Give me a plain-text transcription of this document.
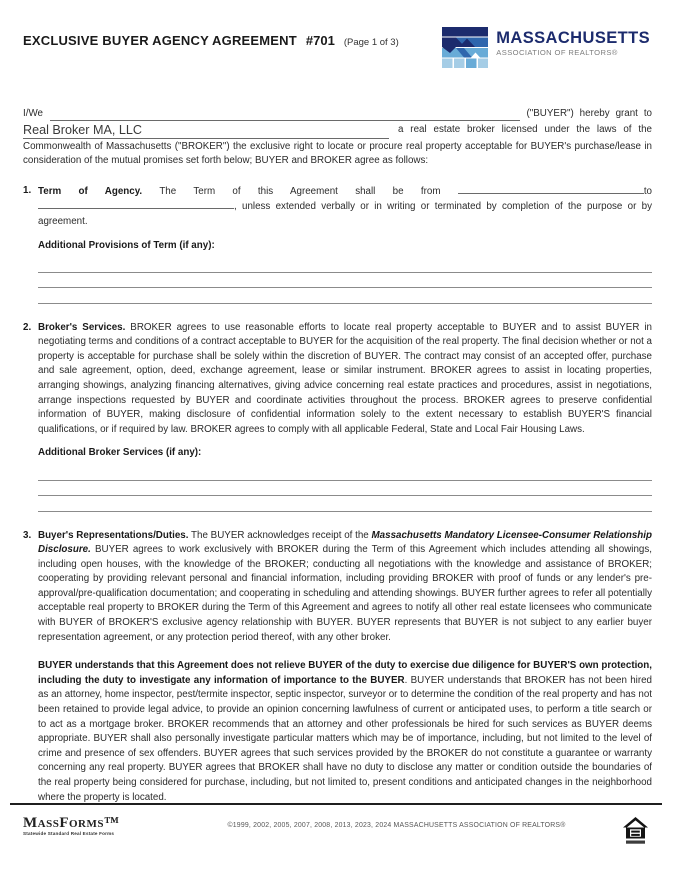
EXCLUSIVE BUYER AGENCY AGREEMENT #701 (Page 1 of 3)	MASSACHUSETTS
ASSOCIATION OF REALTORS®
I/We	("BUYER") hereby grant to
Real Broker MA, LLC	a real estate broker licensed under the laws of the
Commonwealth of Massachusetts ("BROKER") the exclusive right to locate or procure real property acceptable for BUYER's purchase/lease in consideration of the mutual promises set forth below; BUYER and BROKER agree as follows:
1. Term of Agency. The Term of this Agreement shall be from	to , unless extended verbally or in writing or terminated by completion of the purpose or by agreement.
Additional Provisions of Term (if any):
2. Broker's Services. BROKER agrees to use reasonable efforts to locate real property acceptable to BUYER and to assist BUYER in negotiating terms and conditions of a contract acceptable to BUYER for the acquisition of the real property. The final decision whether or not a property is acceptable for purchase shall be solely within the discretion of BUYER. The contract may consist of an accepted offer, purchase and sale agreement, option, deed, exchange agreement, lease or similar instrument. BROKER agrees to assist in locating properties, arranging showings, analyzing financing alternatives, giving advice concerning real estate practices and procedures, assist in negotiations, arrange inspections requested by BUYER and coordinate activities throughout the process. BROKER agrees to preserve confidential information of BUYER, making disclosure of confidential information solely to the extent necessary to establish BUYER'S financial qualifications, or if required by law. BROKER agrees to comply with all applicable Federal, State and Local Fair Housing Laws.
Additional Broker Services (if any):
3. Buyer's Representations/Duties. The BUYER acknowledges receipt of the Massachusetts Mandatory Licensee-Consumer Relationship Disclosure. BUYER agrees to work exclusively with BROKER during the Term of this Agreement which includes attending all showings, including open houses, with the knowledge of the BROKER; conducting all negotiations with the knowledge and assistance of BROKER; cooperating by providing relevant personal and financial information, including providing BROKER with proof of funds or any lender's pre-approval/pre-qualification documentation; and cooperating in scheduling and attending showings. BUYER further agrees to refer all potentially acceptable real property to BROKER during the Term of this Agreement and agrees to notify all other real estate licensees who communicate with BUYER of BROKER'S exclusive agency relationship with BUYER. BUYER represents that BUYER is not subject to any earlier buyer representation agreement, or any protection period thereof, with any other broker.
BUYER understands that this Agreement does not relieve BUYER of the duty to exercise due diligence for BUYER'S own protection, including the duty to investigate any information of importance to the BUYER. BUYER understands that BROKER has not been hired as an attorney, home inspector, pest/termite inspector, septic inspector, surveyor or to determine the condition of the real property and has not been retained to provide legal advice, to provide an opinion concerning lawfulness of current or anticipated uses, to perform a title search or to act as a mortgage broker. BROKER recommends that an attorney and other professionals be hired for such services as BUYER deems appropriate. BUYER shall also personally investigate particular matters which may be of importance, including, but not limited to the level of crime and presence of sex offenders. BUYER agrees that such services provided by the BROKER do not constitute a guarantee or warranty concerning any real property. BUYER agrees that BROKER shall have no duty to disclose any matter or condition outside the boundaries of the real property being considered for purchase, including, but not limited to, present conditions and anticipated changes in the neighborhood where the property is located.
MassForms™
Statewide Standard Real Estate Forms
©1999, 2002, 2005, 2007, 2008, 2013, 2023, 2024 MASSACHUSETTS ASSOCIATION OF REALTORS®
